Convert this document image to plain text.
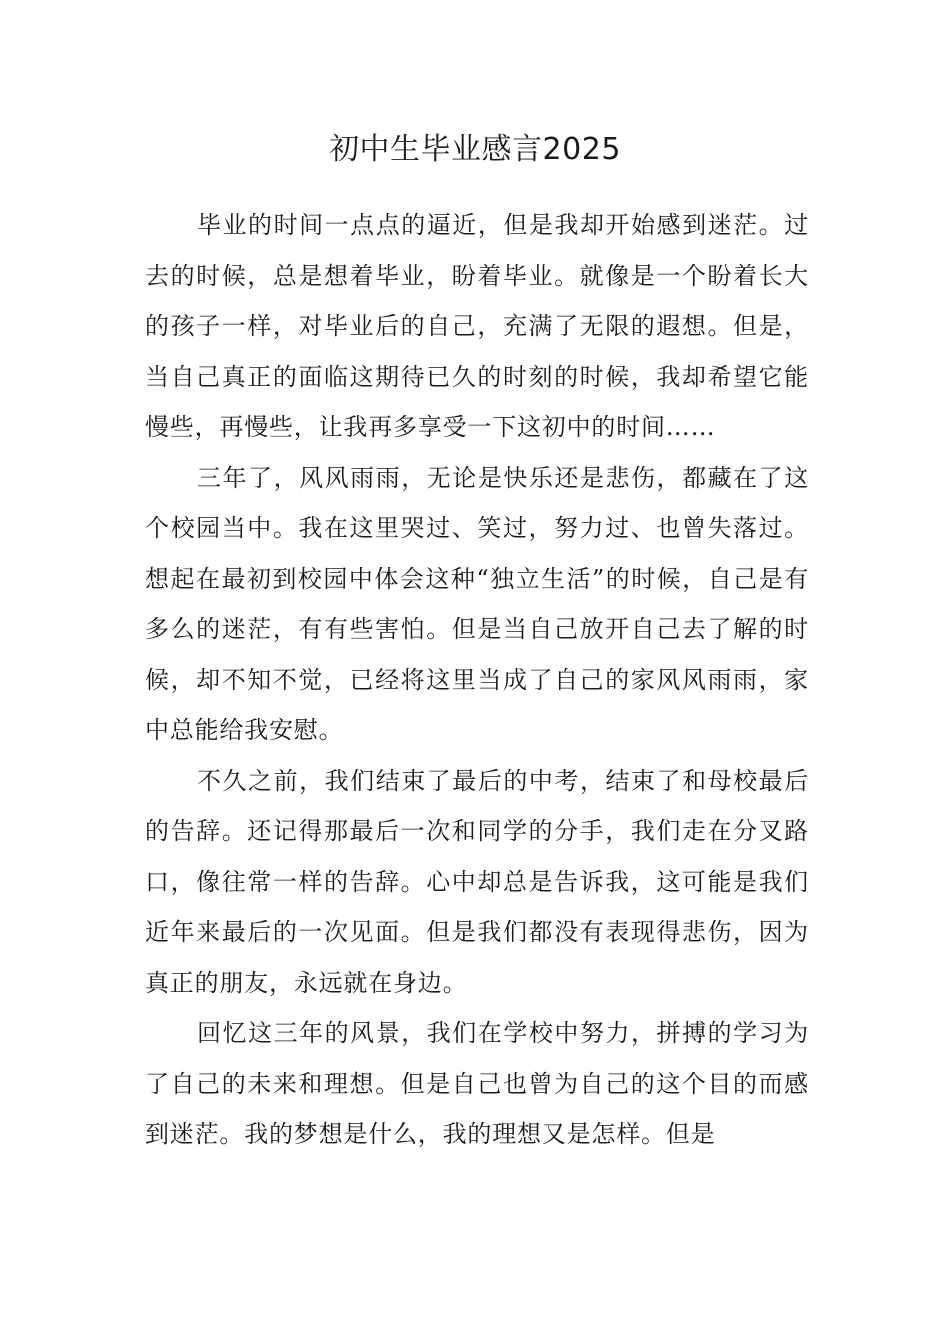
初中生毕业感言2025

毕业的时间一点点的逼近，但是我却开始感到迷茫。过去的时候，总是想着毕业，盼着毕业。就像是一个盼着长大的孩子一样，对毕业后的自己，充满了无限的遐想。但是，当自己真正的面临这期待已久的时刻的时候，我却希望它能慢些，再慢些，让我再多享受一下这初中的时间……

三年了，风风雨雨，无论是快乐还是悲伤，都藏在了这个校园当中。我在这里哭过、笑过，努力过、也曾失落过。想起在最初到校园中体会这种“独立生活”的时候，自己是有多么的迷茫，有有些害怕。但是当自己放开自己去了解的时候，却不知不觉，已经将这里当成了自己的家风风雨雨，家中总能给我安慰。

不久之前，我们结束了最后的中考，结束了和母校最后的告辞。还记得那最后一次和同学的分手，我们走在分叉路口，像往常一样的告辞。心中却总是告诉我，这可能是我们近年来最后的一次见面。但是我们都没有表现得悲伤，因为真正的朋友，永远就在身边。

回忆这三年的风景，我们在学校中努力，拼搏的学习为了自己的未来和理想。但是自己也曾为自己的这个目的而感到迷茫。我的梦想是什么，我的理想又是怎样。但是
